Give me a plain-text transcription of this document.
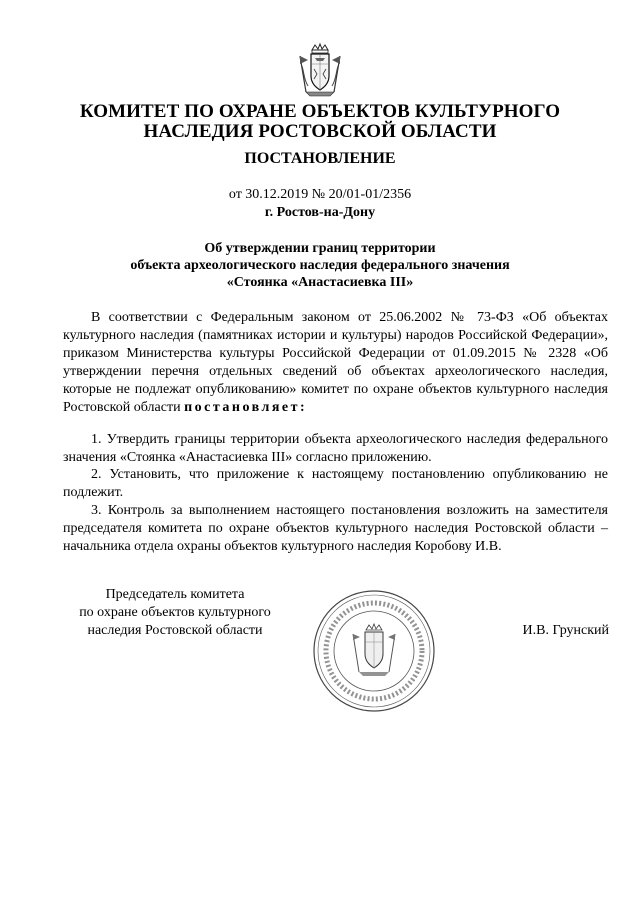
КОМИТЕТ ПО ОХРАНЕ ОБЪЕКТОВ КУЛЬТУРНОГО
НАСЛЕДИЯ РОСТОВСКОЙ ОБЛАСТИ
ПОСТАНОВЛЕНИЕ
от 30.12.2019 № 20/01-01/2356
г. Ростов-на-Дону
Об утверждении границ территории
объекта археологического наследия федерального значения
«Стоянка «Анастасиевка III»
В соответствии с Федеральным законом от 25.06.2002 № 73-ФЗ «Об объектах культурного наследия (памятниках истории и культуры) народов Российской Федерации», приказом Министерства культуры Российской Федерации от 01.09.2015 № 2328 «Об утверждении перечня отдельных сведений об объектах археологического наследия, которые не подлежат опубликованию» комитет по охране объектов культурного наследия Ростовской области постановляет:
1. Утвердить границы территории объекта археологического наследия федерального значения «Стоянка «Анастасиевка III» согласно приложению.
2. Установить, что приложение к настоящему постановлению опубликованию не подлежит.
3. Контроль за выполнением настоящего постановления возложить на заместителя председателя комитета по охране объектов культурного наследия Ростовской области – начальника отдела охраны объектов культурного наследия Коробову И.В.
Председатель комитета
по охране объектов культурного
наследия Ростовской области	И.В. Грунский
